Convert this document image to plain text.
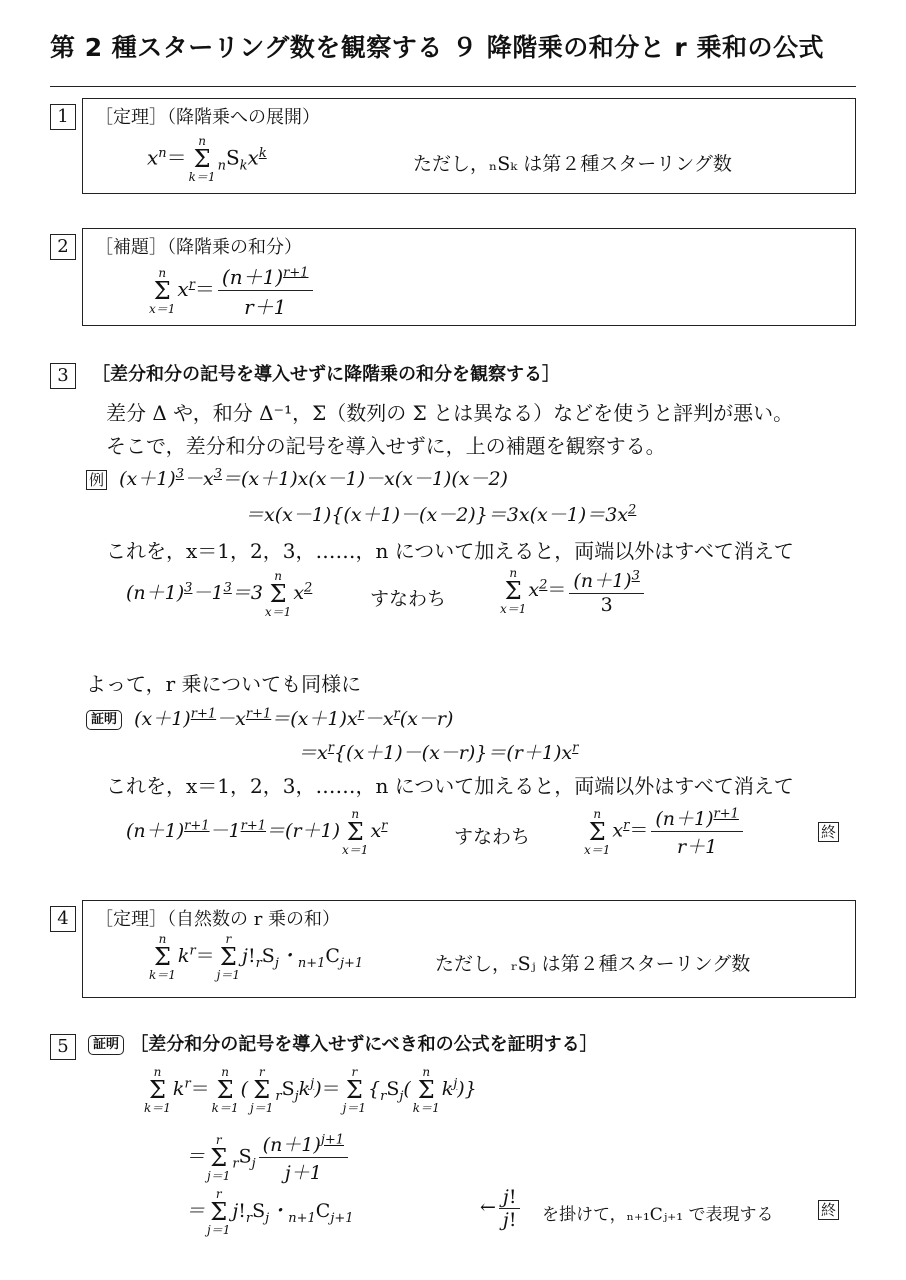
第 2 種スターリング数を観察する ９ 降階乗の和分と r 乗和の公式
1	［定理］（降階乗への展開）
$x^n=$
n
Σ
k＝1
$_nS_kx^k$	ただし，ₙSₖ は第２種スターリング数
2	［補題］（降階乗の和分）
n
Σ
x＝1
$x^r= \frac{(n+1)^{r+1}}{r+1}$
3	［差分和分の記号を導入せずに降階乗の和分を観察する］
差分 Δ や，和分 Δ⁻¹，Σ（数列の Σ とは異なる）などを使うと評判が悪い。
そこで，差分和分の記号を導入せずに，上の補題を観察する。
例  $(x+1)^3-x^3=(x+1)x(x-1)-x(x-1)(x-2)$
$=x(x-1)\{(x+1)-(x-2)\}=3x(x-1)=3x^2$
これを，x＝1，2，3，……，n について加えると，両端以外はすべて消えて
$(n+1)^3-1^3=3$
n
Σ
x＝1
$x^2$	すなわち
n
Σ
x＝1
$x^2= \frac{(n+1)^3}{3}$
よって，r 乗についても同様に
証明  $(x+1)^{r+1}-x^{r+1}=(x+1)x^r-x^r(x-r)$
$=x^r\{(x+1)-(x-r)\}=(r+1)x^r$
これを，x＝1，2，3，……，n について加えると，両端以外はすべて消えて
$(n+1)^{r+1}-1^{r+1}=(r+1)$
n
Σ
x＝1
$x^r$	すなわち
n
Σ
x＝1
$x^r= \frac{(n+1)^{r+1}}{r+1}$	終
4	［定理］（自然数の r 乗の和）
n
Σ
k＝1
$k^r=$
r
Σ
j＝1
$j!_rS_j$・$_{n+1}C_{j+1}$	ただし，ᵣSⱼ は第２種スターリング数
5	証明 ［差分和分の記号を導入せずにべき和の公式を証明する］
n
Σ
k＝1
$k^r=$
n
Σ
k＝1
(
r
Σ
j＝1
$_rS_jk^j)=$
r
Σ
j＝1
{$_rS_j$(
n
Σ
k＝1
$k^j$)}
＝
r
Σ
j＝1
$_rS_j \frac{(n+1)^{j+1}}{j+1}$
＝
r
Σ
j＝1
$j!_rS_j$・$_{n+1}C_{j+1}$	← $\frac{j!}{j!}$ を掛けて，ₙ₊₁Cⱼ₊₁ で表現する	終
